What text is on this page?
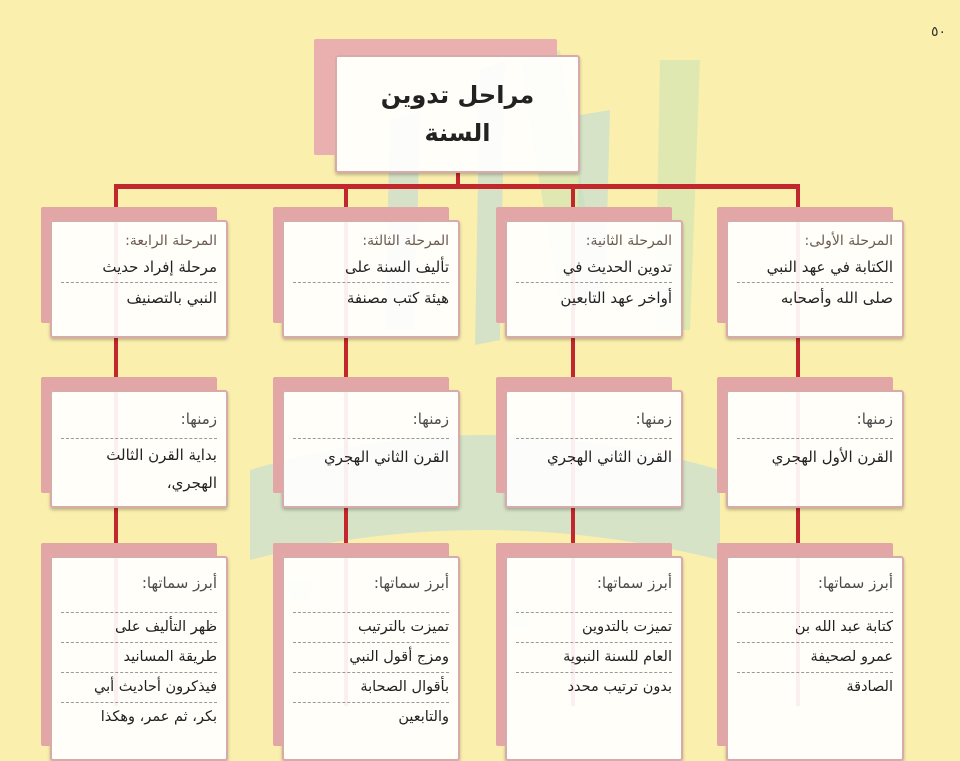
٥٠
مراحل تدوين
السنة
المرحلة الأولى:
الكتابة في عهد النبي
صلى الله وأصحابه
زمنها:
القرن الأول الهجري
أبرز سماتها:
كتابة عبد الله بن
عمرو لصحيفة
الصادقة
المرحلة الثانية:
تدوين الحديث في
أواخر عهد التابعين
زمنها:
القرن الثاني الهجري
أبرز سماتها:
تميزت بالتدوين
العام للسنة النبوية
بدون ترتيب محدد
المرحلة الثالثة:
تأليف السنة على
هيئة كتب مصنفة
زمنها:
القرن الثاني الهجري
أبرز سماتها:
تميزت بالترتيب
ومزج أقول النبي
بأقوال الصحابة
والتابعين
المرحلة الرابعة:
مرحلة إفراد حديث
النبي بالتصنيف
زمنها:
بداية القرن الثالث
الهجري،
أبرز سماتها:
ظهر التأليف على
طريقة المسانيد
فيذكرون أحاديث أبي
بكر، ثم عمر، وهكذا
